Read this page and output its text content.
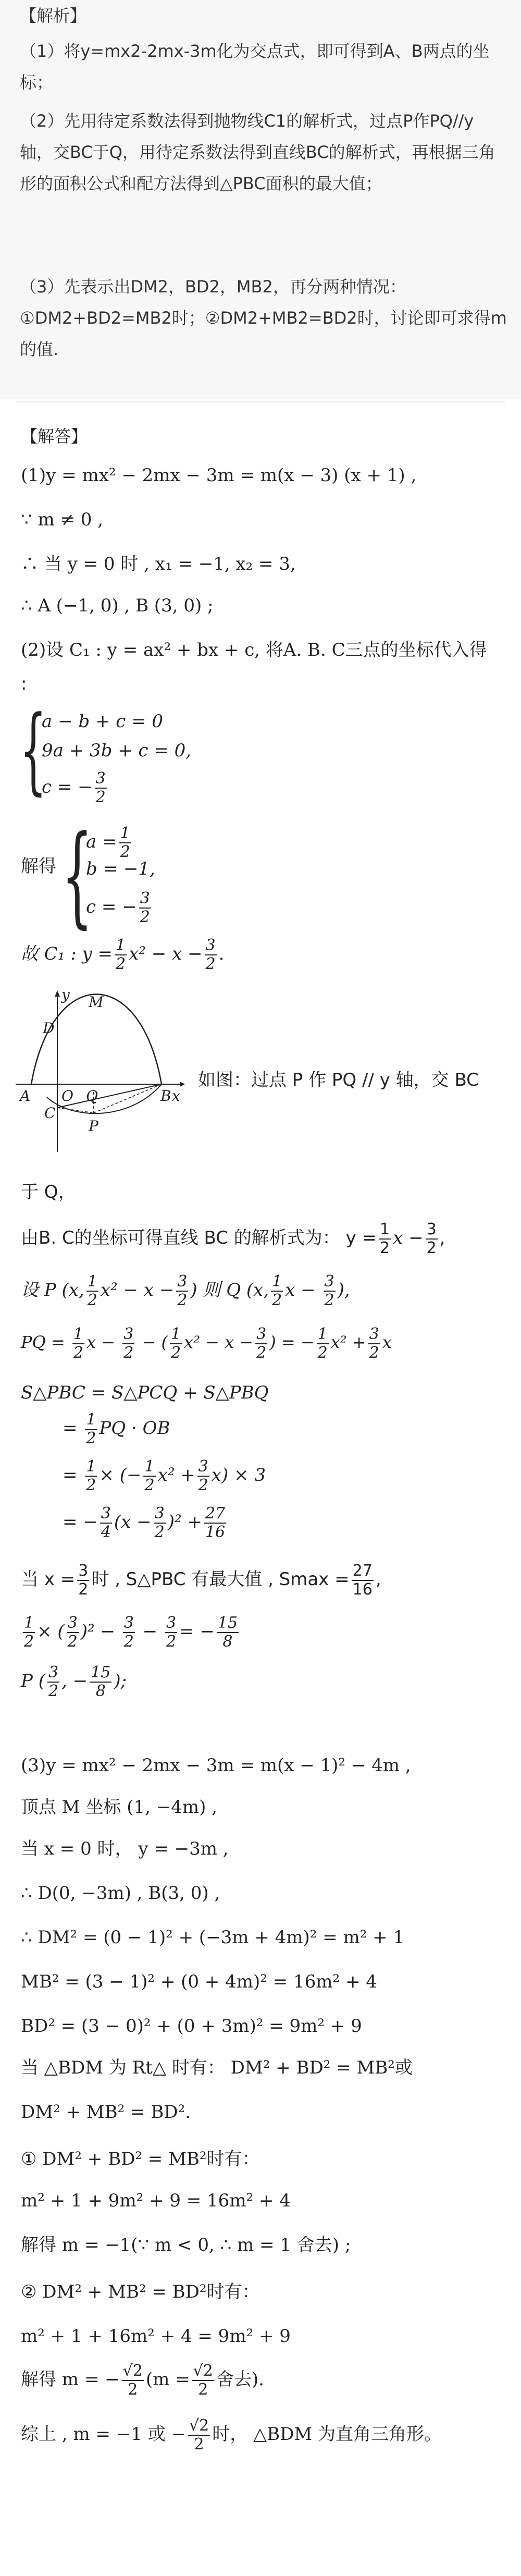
【解析】
（1）将y=mx2-2mx-3m化为交点式，即可得到A、B两点的坐标；
（2）先用待定系数法得到抛物线C1的解析式，过点P作PQ//y轴，交BC于Q，用待定系数法得到直线BC的解析式，再根据三角形的面积公式和配方法得到△PBC面积的最大值；
（3）先表示出DM2，BD2，MB2，再分两种情况：①DM2+BD2=MB2时；②DM2+MB2=BD2时，讨论即可求得m的值.
【解答】
(1)y = mx² − 2mx − 3m = m(x − 3) (x + 1) ,
∵ m ≠ 0 ,
∴ 当 y = 0 时 , x₁ = −1, x₂ = 3,
∴ A (−1, 0) , B (3, 0) ;
(2)设 C₁ : y = ax² + bx + c, 将A. B. C三点的坐标代入得
:
{
a − b + c = 0
9a + 3b + c = 0,
c = − $\frac{3}{2}$
解得 {
$a = \frac{1}{2}$
b = −1,
c = − $\frac{3}{2}$
故 C₁ : $y = \frac{1}{2} x^2 - x - \frac{3}{2}$ .
y M
D
A O Q	B x
C
P
如图：过点 P 作 PQ // y 轴，交 BC
于 Q，
由B. C的坐标可得直线 BC 的解析式为： $y = \frac{1}{2}$ $x - \frac{3}{2}$ ,
设 P (x, $\frac{1}{2} x^2 - x - \frac{3}{2}$ ) 则 Q (x, $\frac{1}{2}$ $x - \frac{3}{2}$ ),
PQ = $\frac{1}{2}$ $x - \frac{3}{2}$ − ( $\frac{1}{2} x^2 - x - \frac{3}{2}$ ) = − $\frac{1}{2} x^2 + \frac{3}{2}$ x
S△PBC = S△PCQ + S△PBQ
= $\frac{1}{2}$ PQ · OB
= $\frac{1}{2}$ × (− $\frac{1}{2} x^2 + \frac{3}{2} x) \times 3$
= − $\frac{3}{4} (x - \frac{3}{2} )^2 + \frac{27}{16}$
当 $x = \frac{3}{2}$ 时 , S△PBC 有最大值 , $Smax = \frac{27}{16}$ ,
$\frac{1}{2}$ × ( $\frac{3}{2} )^2 - \frac{3}{2} - \frac{3}{2}$ = − $\frac{15}{8}$
P ( $\frac{3}{2}$ , − $\frac{15}{8}$ );
(3)y = mx² − 2mx − 3m = m(x − 1)² − 4m ,
顶点 M 坐标 (1, −4m) ,
当 x = 0 时， y = −3m ,
∴ D(0, −3m) , B(3, 0) ,
∴ DM² = (0 − 1)² + (−3m + 4m)² = m² + 1
MB² = (3 − 1)² + (0 + 4m)² = 16m² + 4
BD² = (3 − 0)² + (0 + 3m)² = 9m² + 9
当 △BDM 为 Rt△ 时有： DM² + BD² = MB²或
DM² + MB² = BD².
① DM² + BD² = MB²时有：
m² + 1 + 9m² + 9 = 16m² + 4
解得 m = −1(∵ m < 0, ∴ m = 1 舍去) ;
② DM² + MB² = BD²时有：
m² + 1 + 16m² + 4 = 9m² + 9
解得 m = − $\frac{√2}{2} (m = \frac{√2}{2}$ 舍去).
综上 , m = −1 或 − $\frac{√2}{2}$ 时， △BDM 为直角三角形。
